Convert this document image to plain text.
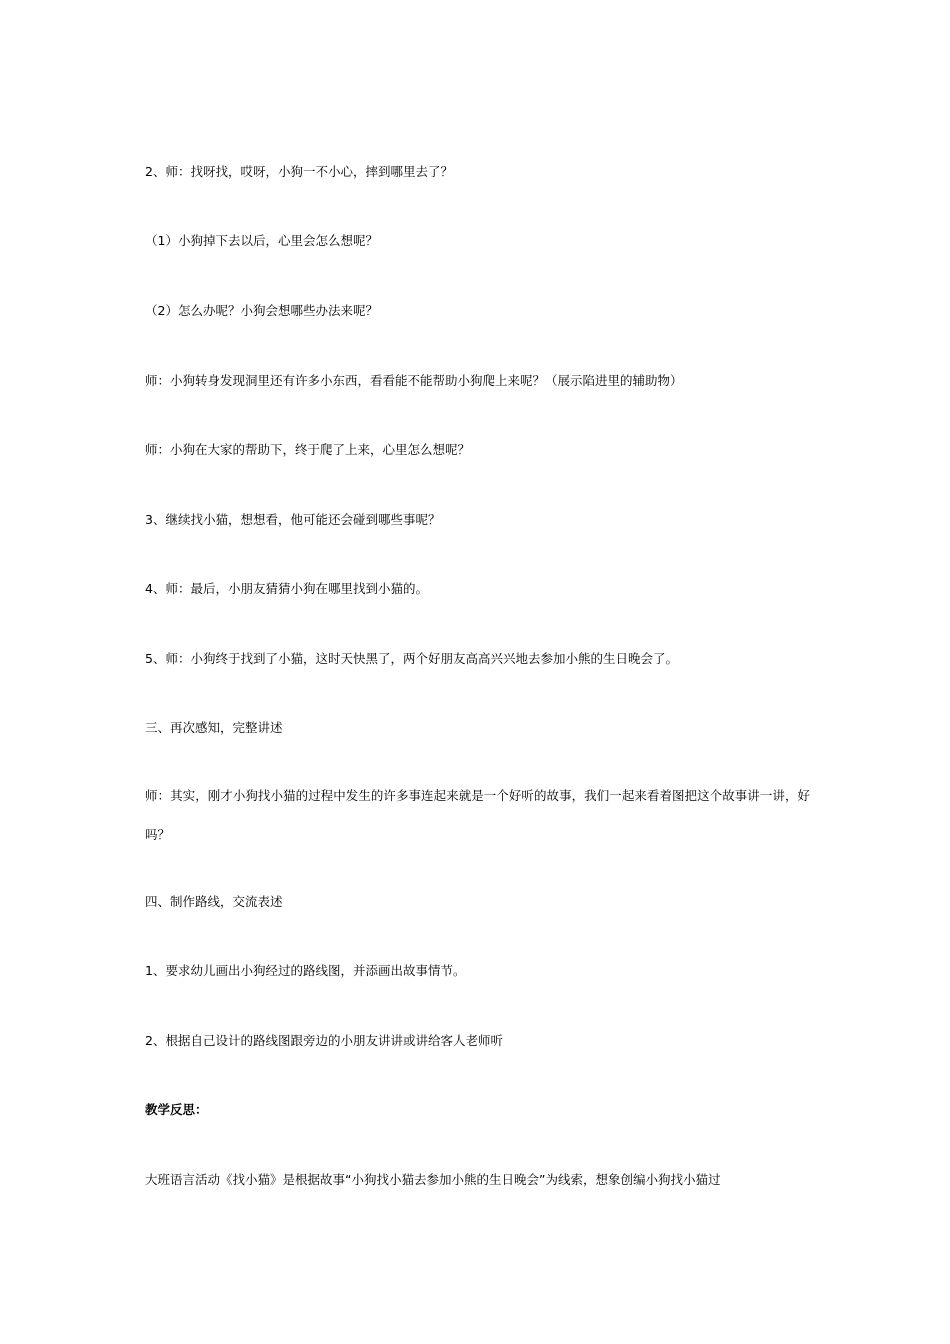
2、师：找呀找，哎呀，小狗一不小心，摔到哪里去了？

（1）小狗掉下去以后，心里会怎么想呢？

（2）怎么办呢？小狗会想哪些办法来呢？

师：小狗转身发现洞里还有许多小东西，看看能不能帮助小狗爬上来呢？（展示陷进里的辅助物）

师：小狗在大家的帮助下，终于爬了上来，心里怎么想呢？

3、继续找小猫，想想看，他可能还会碰到哪些事呢？

4、师：最后，小朋友猜猜小狗在哪里找到小猫的。

5、师：小狗终于找到了小猫，这时天快黑了，两个好朋友高高兴兴地去参加小熊的生日晚会了。

三、再次感知，完整讲述

师：其实，刚才小狗找小猫的过程中发生的许多事连起来就是一个好听的故事，我们一起来看着图把这个故事讲一讲，好吗？

四、制作路线，交流表述

1、要求幼儿画出小狗经过的路线图，并添画出故事情节。

2、根据自己设计的路线图跟旁边的小朋友讲讲或讲给客人老师听

教学反思：

大班语言活动《找小猫》是根据故事“小狗找小猫去参加小熊的生日晚会”为线索，想象创编小狗找小猫过
